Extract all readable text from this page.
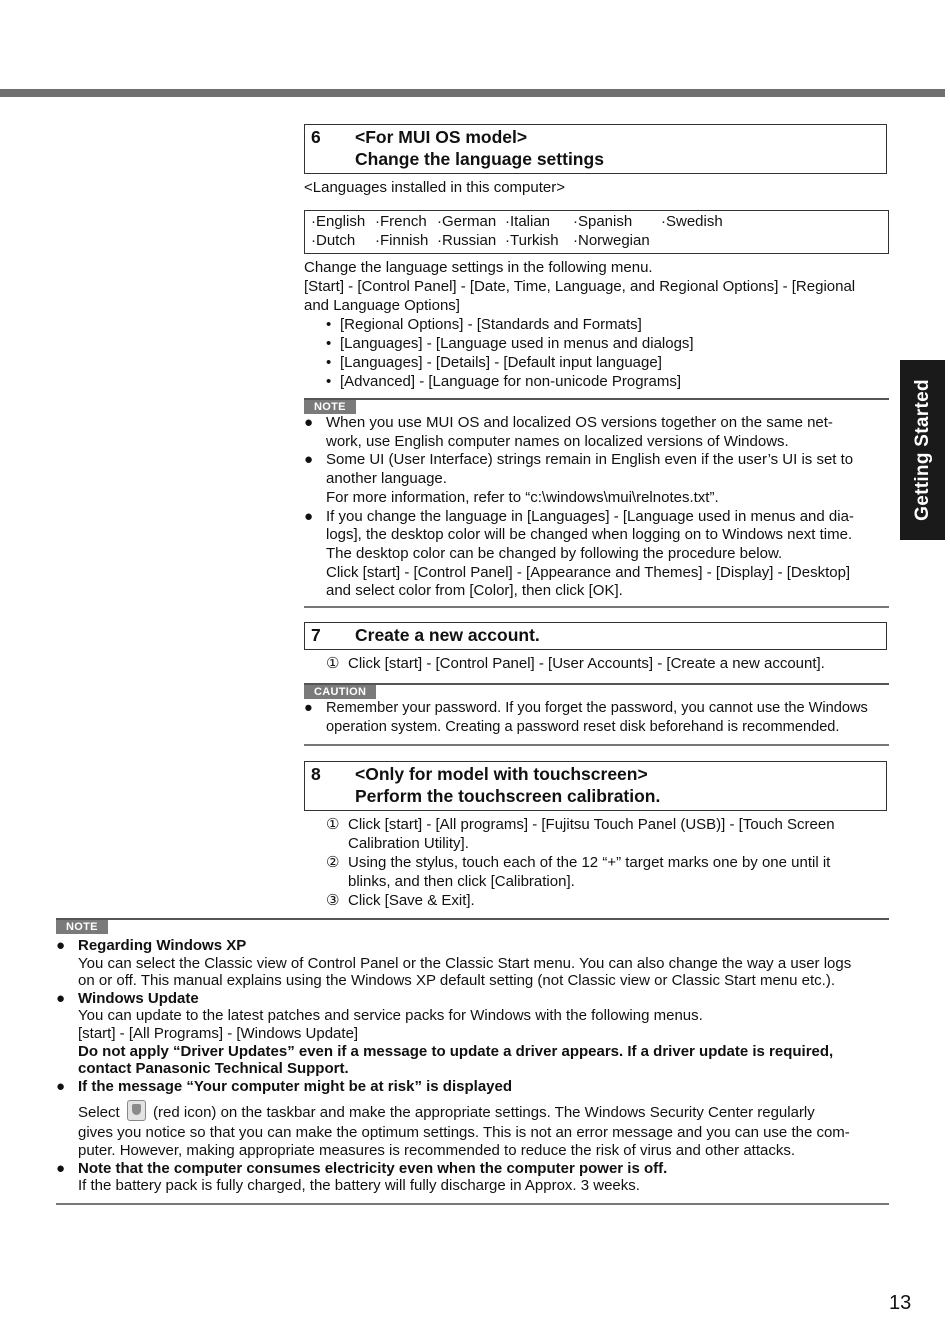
Getting Started
6 <For MUI OS model>
Change the language settings
<Languages installed in this computer>
·English ·French ·German ·Italian ·Spanish ·Swedish
·Dutch ·Finnish ·Russian ·Turkish ·Norwegian
Change the language settings in the following menu.
[Start] - [Control Panel] - [Date, Time, Language, and Regional Options] - [Regional
and Language Options]
• [Regional Options] - [Standards and Formats]
• [Languages] - [Language used in menus and dialogs]
• [Languages] - [Details] - [Default input language]
• [Advanced] - [Language for non-unicode Programs]
NOTE
● When you use MUI OS and localized OS versions together on the same net-
work, use English computer names on localized versions of Windows.
● Some UI (User Interface) strings remain in English even if the user’s UI is set to
another language.
For more information, refer to “c:\windows\mui\relnotes.txt”.
● If you change the language in [Languages] - [Language used in menus and dia-
logs], the desktop color will be changed when logging on to Windows next time.
The desktop color can be changed by following the procedure below.
Click [start] - [Control Panel] - [Appearance and Themes] - [Display] - [Desktop]
and select color from [Color], then click [OK].
7 Create a new account.
① Click [start] - [Control Panel] - [User Accounts] - [Create a new account].
CAUTION
● Remember your password. If you forget the password, you cannot use the Windows
operation system. Creating a password reset disk beforehand is recommended.
8 <Only for model with touchscreen>
Perform the touchscreen calibration.
① Click [start] - [All programs] - [Fujitsu Touch Panel (USB)] - [Touch Screen
Calibration Utility].
② Using the stylus, touch each of the 12 “+” target marks one by one until it
blinks, and then click [Calibration].
③ Click [Save & Exit].
NOTE
● Regarding Windows XP
You can select the Classic view of Control Panel or the Classic Start menu. You can also change the way a user logs
on or off. This manual explains using the Windows XP default setting (not Classic view or Classic Start menu etc.).
● Windows Update
You can update to the latest patches and service packs for Windows with the following menus.
[start] - [All Programs] - [Windows Update]
Do not apply “Driver Updates” even if a message to update a driver appears. If a driver update is required,
contact Panasonic Technical Support.
● If the message “Your computer might be at risk” is displayed
Select (red icon) on the taskbar and make the appropriate settings. The Windows Security Center regularly
gives you notice so that you can make the optimum settings. This is not an error message and you can use the com-
puter. However, making appropriate measures is recommended to reduce the risk of virus and other attacks.
● Note that the computer consumes electricity even when the computer power is off.
If the battery pack is fully charged, the battery will fully discharge in Approx. 3 weeks.
13
